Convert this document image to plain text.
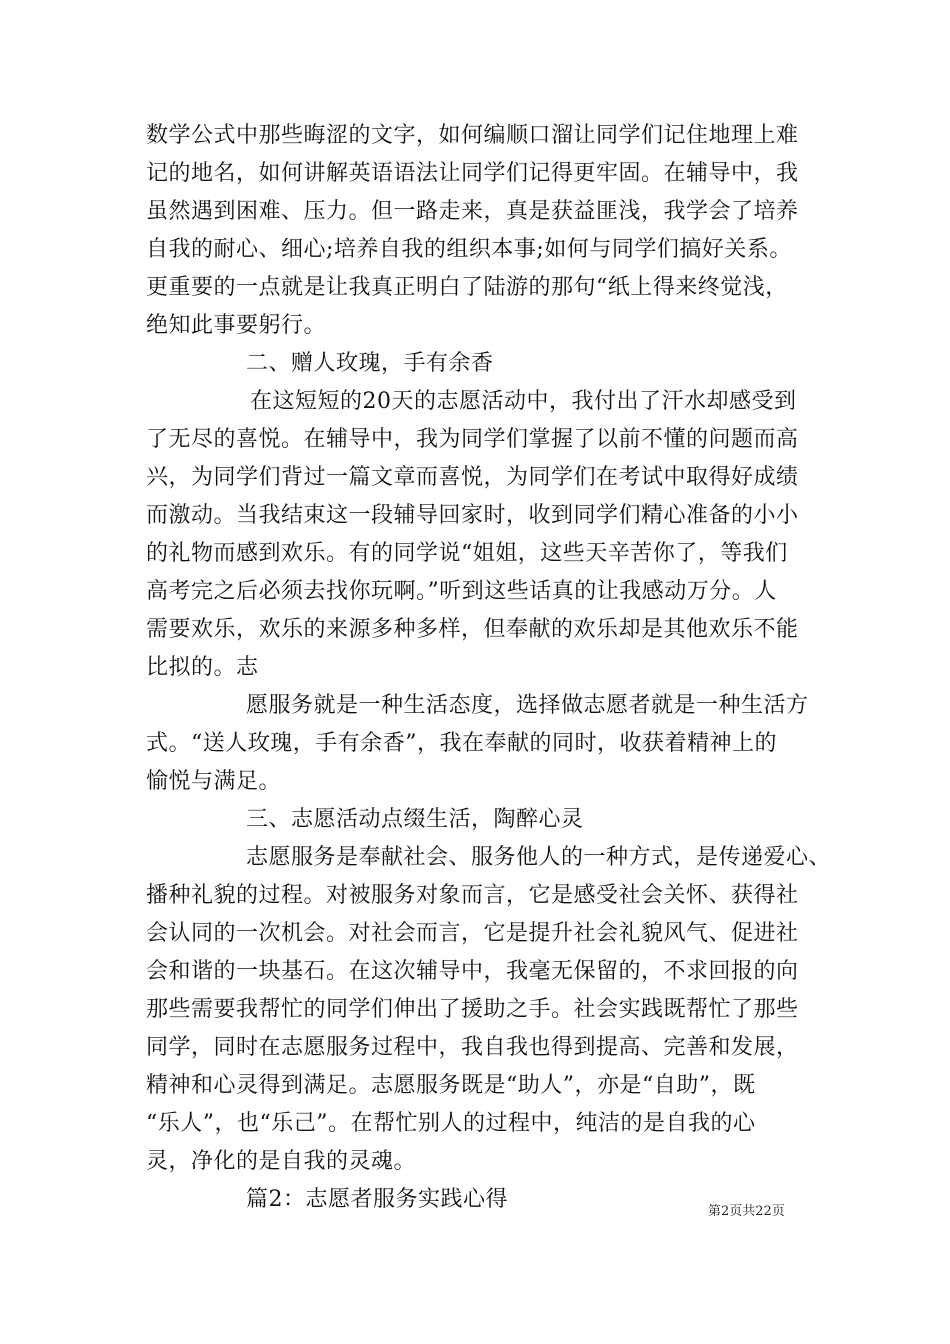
数学公式中那些晦涩的文字，如何编顺口溜让同学们记住地理上难
记的地名，如何讲解英语语法让同学们记得更牢固。在辅导中，我
虽然遇到困难、压力。但一路走来，真是获益匪浅，我学会了培养
自我的耐心、细心;培养自我的组织本事;如何与同学们搞好关系。
更重要的一点就是让我真正明白了陆游的那句“纸上得来终觉浅，
绝知此事要躬行。
二、赠人玫瑰，手有余香
在这短短的20天的志愿活动中，我付出了汗水却感受到
了无尽的喜悦。在辅导中，我为同学们掌握了以前不懂的问题而高
兴，为同学们背过一篇文章而喜悦，为同学们在考试中取得好成绩
而激动。当我结束这一段辅导回家时，收到同学们精心准备的小小
的礼物而感到欢乐。有的同学说“姐姐，这些天辛苦你了，等我们
高考完之后必须去找你玩啊。”听到这些话真的让我感动万分。人
需要欢乐，欢乐的来源多种多样，但奉献的欢乐却是其他欢乐不能
比拟的。志
愿服务就是一种生活态度，选择做志愿者就是一种生活方
式。“送人玫瑰，手有余香”，我在奉献的同时，收获着精神上的
愉悦与满足。
三、志愿活动点缀生活，陶醉心灵
志愿服务是奉献社会、服务他人的一种方式，是传递爱心、
播种礼貌的过程。对被服务对象而言，它是感受社会关怀、获得社
会认同的一次机会。对社会而言，它是提升社会礼貌风气、促进社
会和谐的一块基石。在这次辅导中，我毫无保留的，不求回报的向
那些需要我帮忙的同学们伸出了援助之手。社会实践既帮忙了那些
同学，同时在志愿服务过程中，我自我也得到提高、完善和发展，
精神和心灵得到满足。志愿服务既是“助人”，亦是“自助”，既
“乐人”，也“乐己”。在帮忙别人的过程中，纯洁的是自我的心
灵，净化的是自我的灵魂。
篇2：志愿者服务实践心得	第2页共22页
